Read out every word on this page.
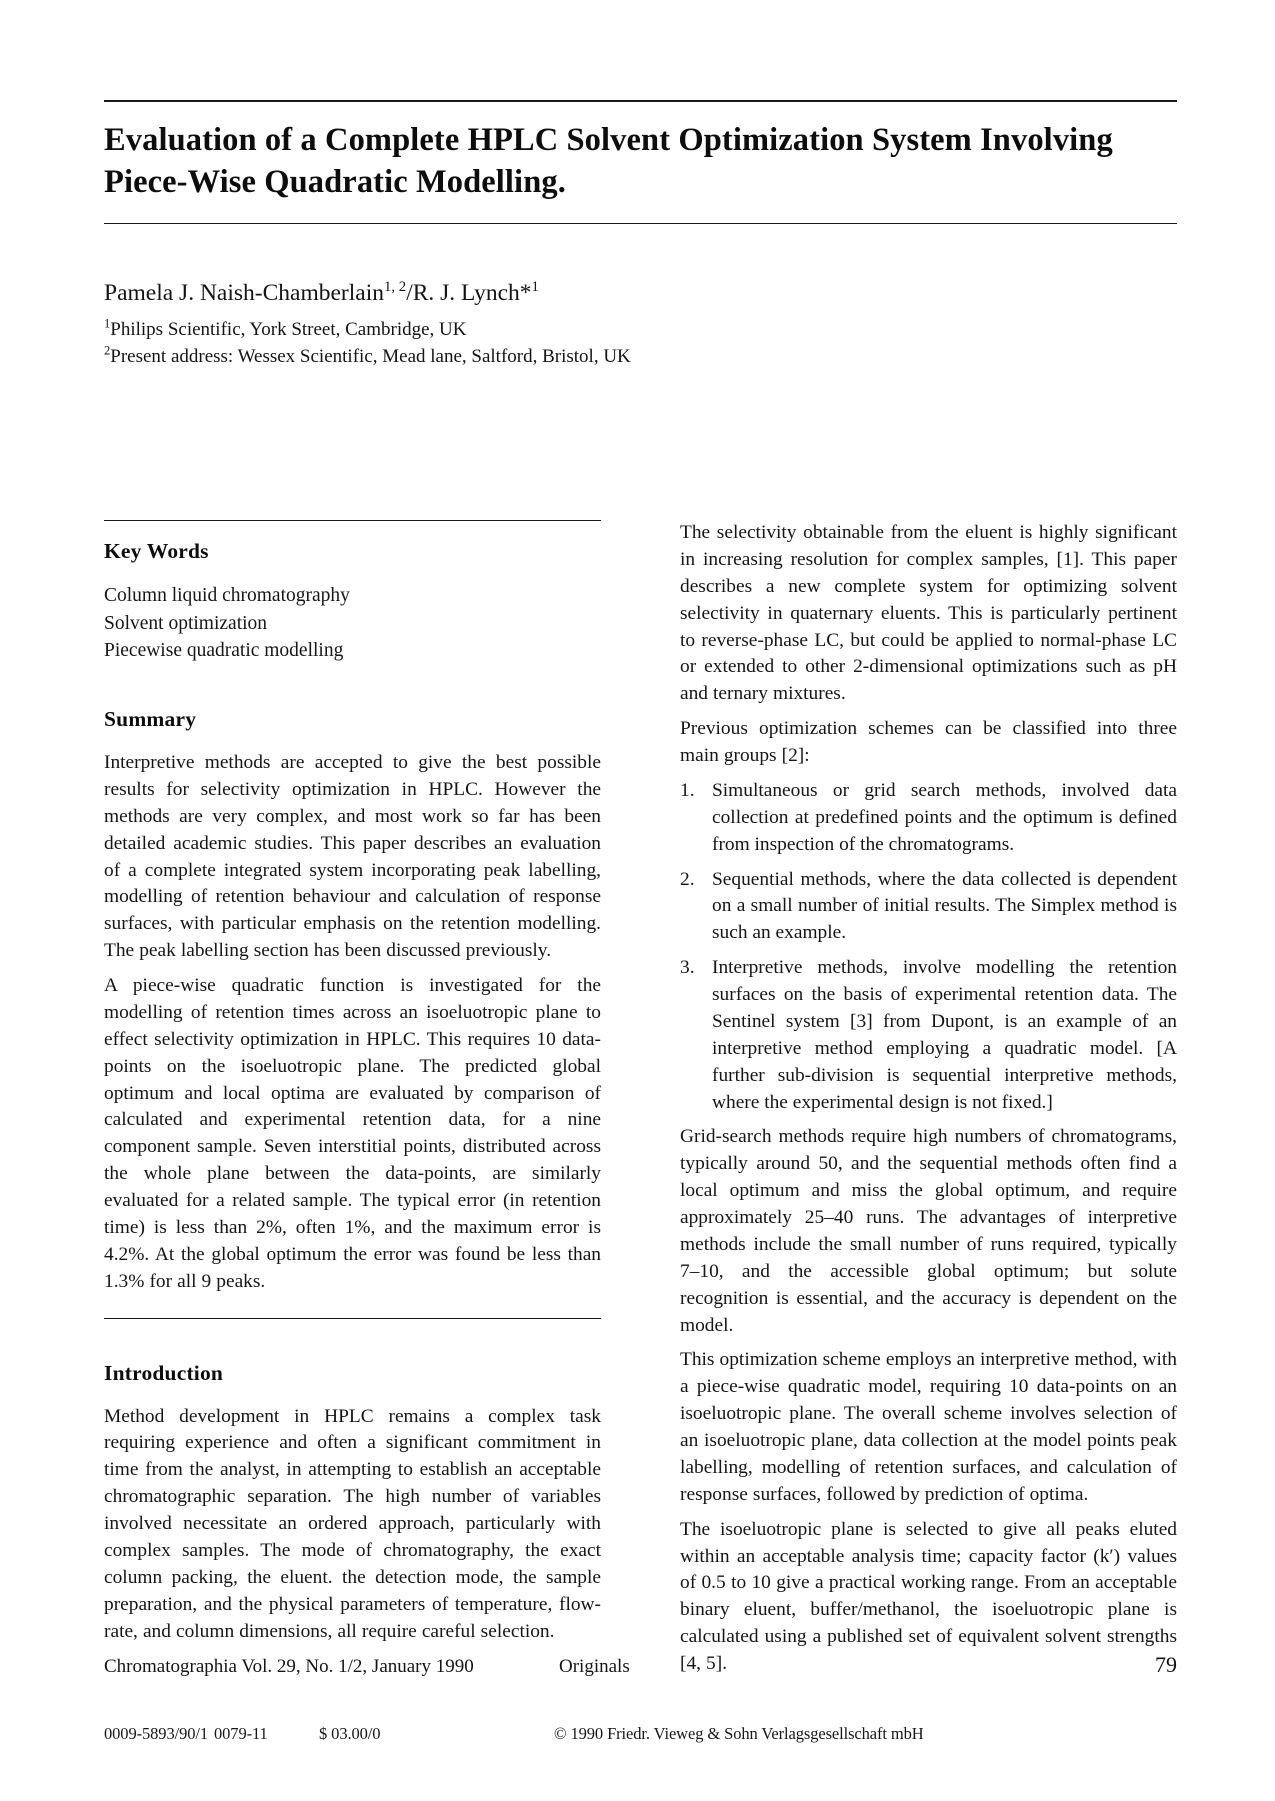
Evaluation of a Complete HPLC Solvent Optimization System Involving Piece-Wise Quadratic Modelling.
Pamela J. Naish-Chamberlain$^{1, 2}$/R. J. Lynch*$^1$
$^1$Philips Scientific, York Street, Cambridge, UK
$^2$Present address: Wessex Scientific, Mead lane, Saltford, Bristol, UK
Key Words
Column liquid chromatography
Solvent optimization
Piecewise quadratic modelling
Summary

Interpretive methods are accepted to give the best possible results for selectivity optimization in HPLC. However the methods are very complex, and most work so far has been detailed academic studies. This paper describes an evaluation of a complete integrated system incorporating peak labelling, modelling of retention behaviour and calculation of response surfaces, with particular emphasis on the retention modelling. The peak labelling section has been discussed previously.

A piece-wise quadratic function is investigated for the modelling of retention times across an isoeluotropic plane to effect selectivity optimization in HPLC. This requires 10 data-points on the isoeluotropic plane. The predicted global optimum and local optima are evaluated by comparison of calculated and experimental retention data, for a nine component sample. Seven interstitial points, distributed across the whole plane between the data-points, are similarly evaluated for a related sample. The typical error (in retention time) is less than 2%, often 1%, and the maximum error is 4.2%. At the global optimum the error was found be less than 1.3% for all 9 peaks.

Introduction

Method development in HPLC remains a complex task requiring experience and often a significant commitment in time from the analyst, in attempting to establish an acceptable chromatographic separation. The high number of variables involved necessitate an ordered approach, particularly with complex samples. The mode of chromatography, the exact column packing, the eluent. the detection mode, the sample preparation, and the physical parameters of temperature, flow-rate, and column dimensions, all require careful selection.

The selectivity obtainable from the eluent is highly significant in increasing resolution for complex samples, [1]. This paper describes a new complete system for optimizing solvent selectivity in quaternary eluents. This is particularly pertinent to reverse-phase LC, but could be applied to normal-phase LC or extended to other 2-dimensional optimizations such as pH and ternary mixtures.

Previous optimization schemes can be classified into three main groups [2]:

1. Simultaneous or grid search methods, involved data collection at predefined points and the optimum is defined from inspection of the chromatograms.
2. Sequential methods, where the data collected is dependent on a small number of initial results. The Simplex method is such an example.
3. Interpretive methods, involve modelling the retention surfaces on the basis of experimental retention data. The Sentinel system [3] from Dupont, is an example of an interpretive method employing a quadratic model. [A further sub-division is sequential interpretive methods, where the experimental design is not fixed.]

Grid-search methods require high numbers of chromatograms, typically around 50, and the sequential methods often find a local optimum and miss the global optimum, and require approximately 25–40 runs. The advantages of interpretive methods include the small number of runs required, typically 7–10, and the accessible global optimum; but solute recognition is essential, and the accuracy is dependent on the model.

This optimization scheme employs an interpretive method, with a piece-wise quadratic model, requiring 10 data-points on an isoeluotropic plane. The overall scheme involves selection of an isoeluotropic plane, data collection at the model points peak labelling, modelling of retention surfaces, and calculation of response surfaces, followed by prediction of optima.

The isoeluotropic plane is selected to give all peaks eluted within an acceptable analysis time; capacity factor (k′) values of 0.5 to 10 give a practical working range. From an acceptable binary eluent, buffer/methanol, the isoeluotropic plane is calculated using a published set of equivalent solvent strengths [4, 5].

Chromatographia Vol. 29, No. 1/2, January 1990	Originals	79
0009-5893/90/1 0079-11	$ 03.00/0	© 1990 Friedr. Vieweg & Sohn Verlagsgesellschaft mbH
